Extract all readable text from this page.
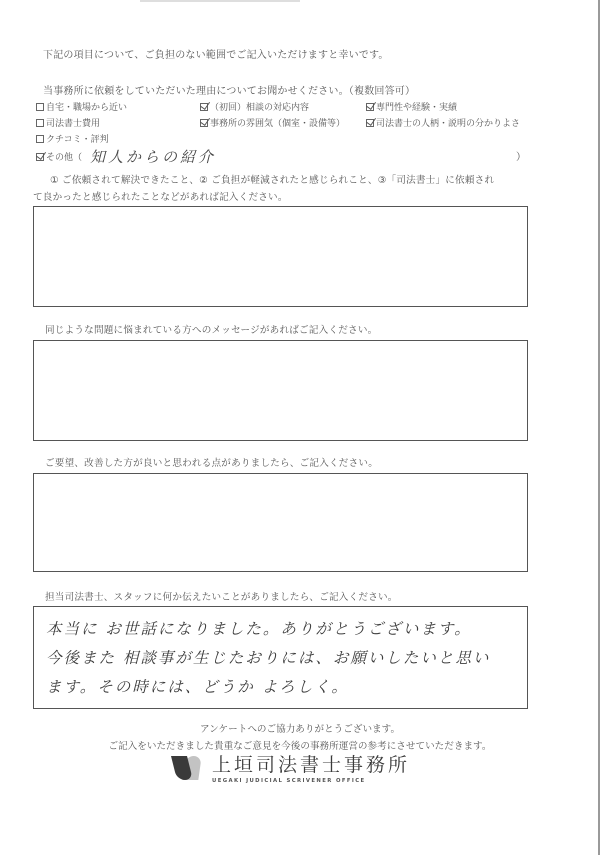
下記の項目について、ご負担のない範囲でご記入いただけますと幸いです。
当事務所に依頼をしていただいた理由についてお聞かせください。（複数回答可）
自宅・職場から近い	（初回）相談の対応内容	専門性や経験・実績
司法書士費用	事務所の雰囲気（個室・設備等）	司法書士の人柄・説明の分かりよさ
クチコミ・評判
その他（ 知人からの紹介	）
① ご依頼されて解決できたこと、② ご負担が軽減されたと感じられこと、③「司法書士」に依頼され
て良かったと感じられたことなどがあれば記入ください。
同じような問題に悩まれている方へのメッセージがあればご記入ください。
ご要望、改善した方が良いと思われる点がありましたら、ご記入ください。
担当司法書士、スタッフに何か伝えたいことがありましたら、ご記入ください。
本当に お世話になりました。ありがとうございます。
今後また 相談事が生じたおりには、お願いしたいと思い
ます。その時には、どうか よろしく。
アンケートへのご協力ありがとうございます。
ご記入をいただきました貴重なご意見を今後の事務所運営の参考にさせていただきます。
上垣司法書士事務所
UEGAKI JUDICIAL SCRIVENER OFFICE
